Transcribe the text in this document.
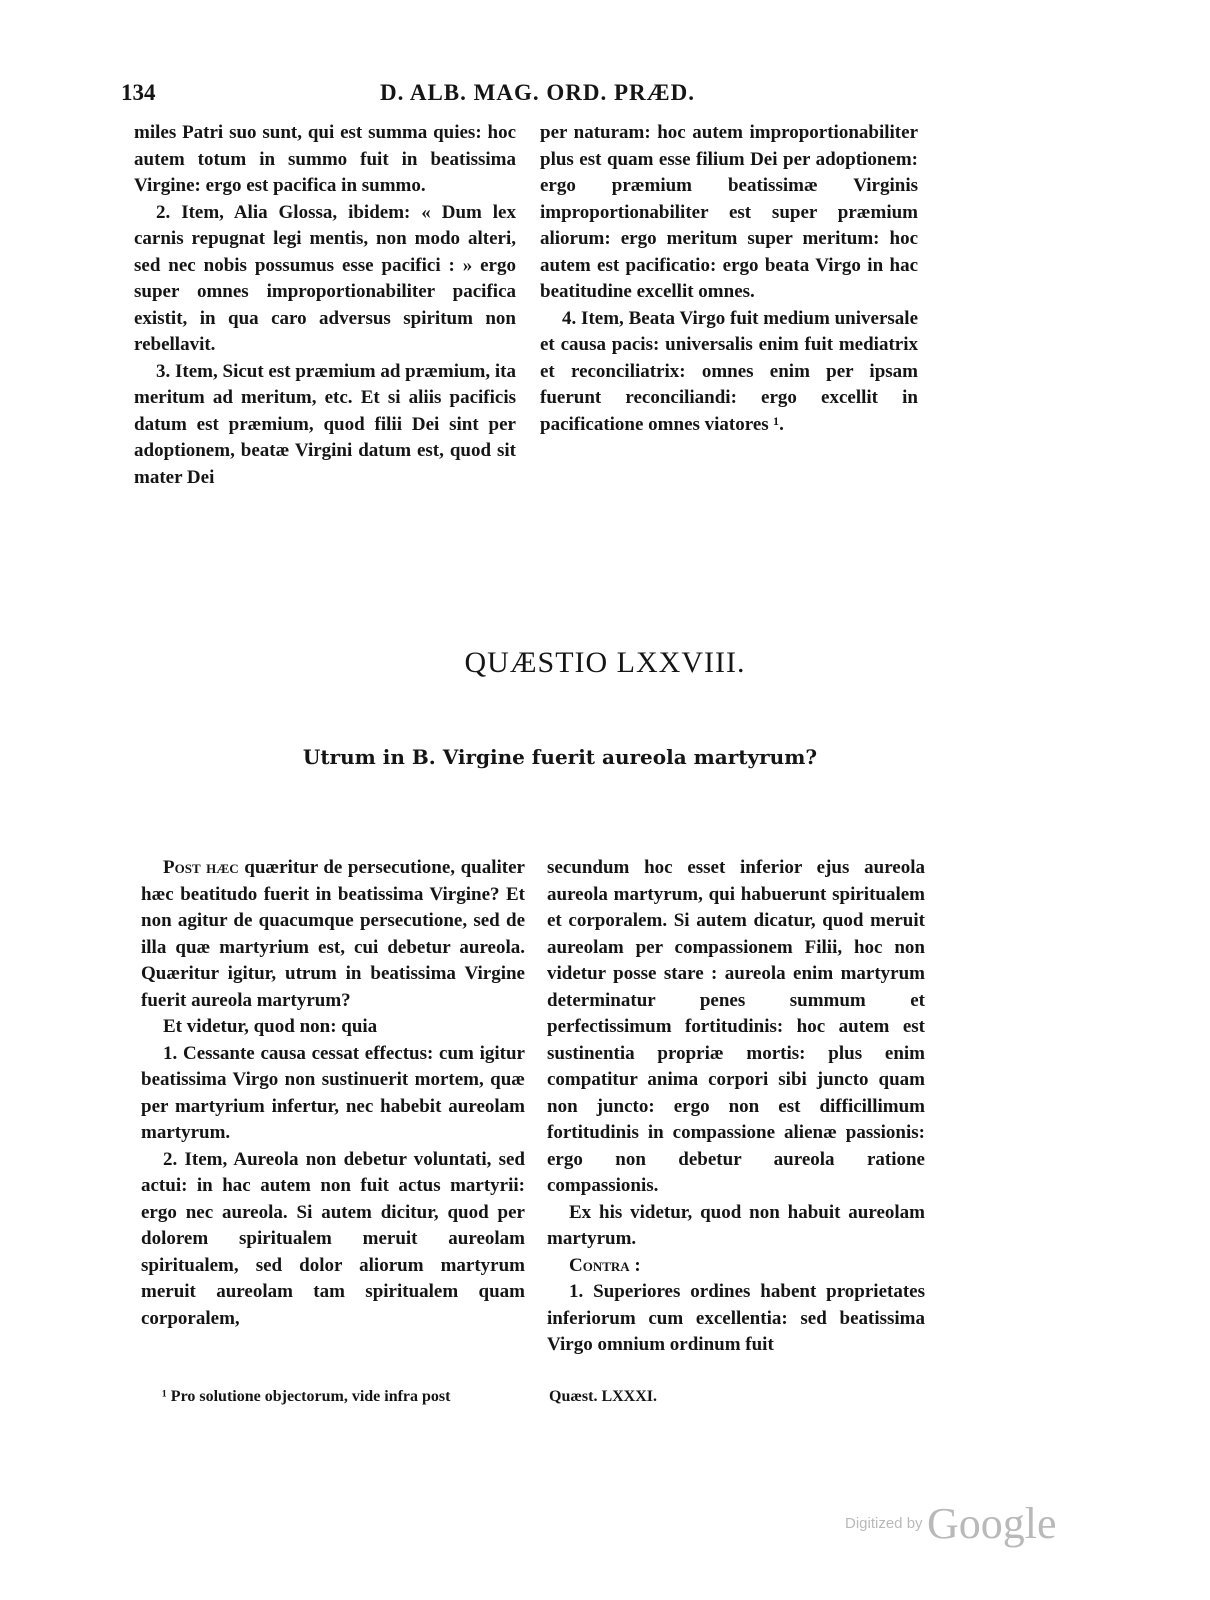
134	D. ALB. MAG. ORD. PRÆD.

miles Patri suo sunt, qui est summa quies: hoc autem totum in summo fuit in beatissima Virgine: ergo est pacifica in summo.

2. Item, Alia Glossa, ibidem: « Dum lex carnis repugnat legi mentis, non modo alteri, sed nec nobis possumus esse pacifici : » ergo super omnes improportionabiliter pacifica existit, in qua caro adversus spiritum non rebellavit.

3. Item, Sicut est præmium ad præmium, ita meritum ad meritum, etc. Et si aliis pacificis datum est præmium, quod filii Dei sint per adoptionem, beatæ Virgini datum est, quod sit mater Dei

per naturam: hoc autem improportionabiliter plus est quam esse filium Dei per adoptionem: ergo præmium beatissimæ Virginis improportionabiliter est super præmium aliorum: ergo meritum super meritum: hoc autem est pacificatio: ergo beata Virgo in hac beatitudine excellit omnes.

4. Item, Beata Virgo fuit medium universale et causa pacis: universalis enim fuit mediatrix et reconciliatrix: omnes enim per ipsam fuerunt reconciliandi: ergo excellit in pacificatione omnes viatores ¹.

QUÆSTIO LXXVIII.
Utrum in B. Virgine fuerit aureola martyrum?

Post hæc quæritur de persecutione, qualiter hæc beatitudo fuerit in beatissima Virgine? Et non agitur de quacumque persecutione, sed de illa quæ martyrium est, cui debetur aureola. Quæritur igitur, utrum in beatissima Virgine fuerit aureola martyrum?

Et videtur, quod non: quia

1. Cessante causa cessat effectus: cum igitur beatissima Virgo non sustinuerit mortem, quæ per martyrium infertur, nec habebit aureolam martyrum.

2. Item, Aureola non debetur voluntati, sed actui: in hac autem non fuit actus martyrii: ergo nec aureola. Si autem dicitur, quod per dolorem spiritualem meruit aureolam spiritualem, sed dolor aliorum martyrum meruit aureolam tam spiritualem quam corporalem,

secundum hoc esset inferior ejus aureola aureola martyrum, qui habuerunt spiritualem et corporalem. Si autem dicatur, quod meruit aureolam per compassionem Filii, hoc non videtur posse stare : aureola enim martyrum determinatur penes summum et perfectissimum fortitudinis: hoc autem est sustinentia propriæ mortis: plus enim compatitur anima corpori sibi juncto quam non juncto: ergo non est difficillimum fortitudinis in compassione alienæ passionis: ergo non debetur aureola ratione compassionis.

Ex his videtur, quod non habuit aureolam martyrum.

Contra :

1. Superiores ordines habent proprietates inferiorum cum excellentia: sed beatissima Virgo omnium ordinum fuit

¹ Pro solutione objectorum, vide infra post	Quæst. LXXXI.
Digitized by Google
